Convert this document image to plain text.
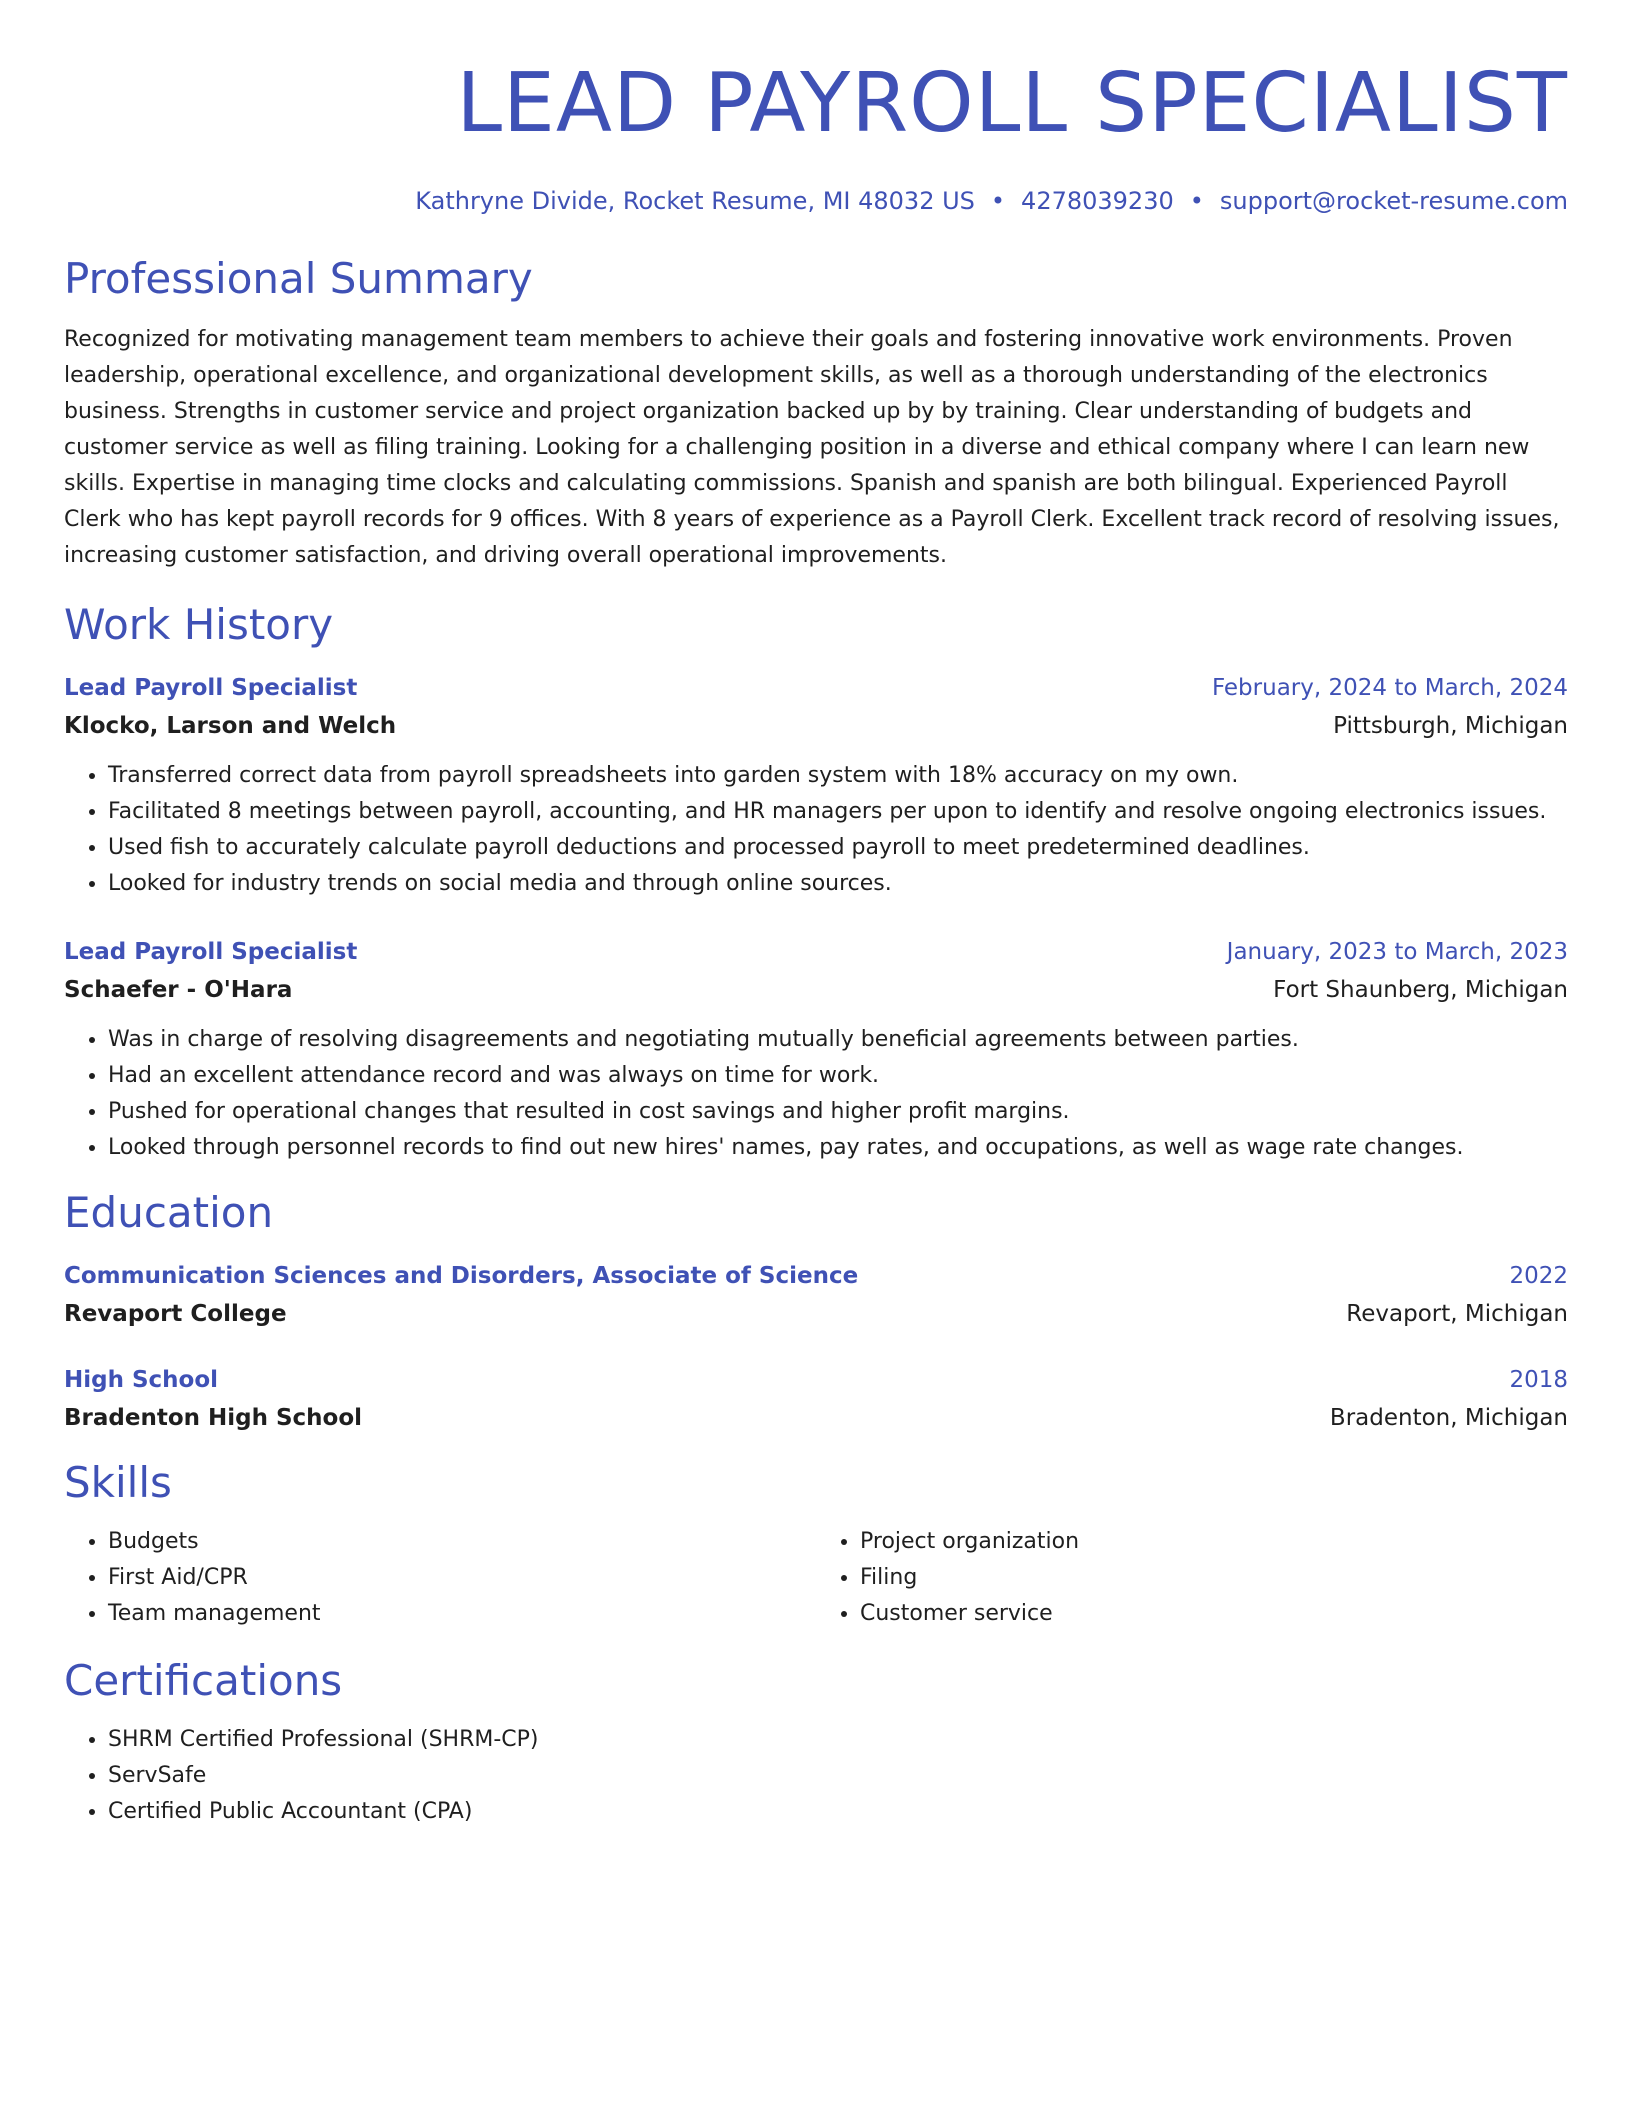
LEAD PAYROLL SPECIALIST
Kathryne Divide, Rocket Resume, MI 48032 US • 4278039230 • support@rocket-resume.com
Professional Summary

Recognized for motivating management team members to achieve their goals and fostering innovative work environments. Proven leadership, operational excellence, and organizational development skills, as well as a thorough understanding of the electronics business. Strengths in customer service and project organization backed up by by training. Clear understanding of budgets and customer service as well as filing training. Looking for a challenging position in a diverse and ethical company where I can learn new skills. Expertise in managing time clocks and calculating commissions. Spanish and spanish are both bilingual. Experienced Payroll Clerk who has kept payroll records for 9 offices. With 8 years of experience as a Payroll Clerk. Excellent track record of resolving issues, increasing customer satisfaction, and driving overall operational improvements.

Work History
Lead Payroll Specialist	February, 2024 to March, 2024
Klocko, Larson and Welch	Pittsburgh, Michigan
• Transferred correct data from payroll spreadsheets into garden system with 18% accuracy on my own.
• Facilitated 8 meetings between payroll, accounting, and HR managers per upon to identify and resolve ongoing electronics issues.
• Used fish to accurately calculate payroll deductions and processed payroll to meet predetermined deadlines.
• Looked for industry trends on social media and through online sources.
Lead Payroll Specialist	January, 2023 to March, 2023
Schaefer - O'Hara	Fort Shaunberg, Michigan
• Was in charge of resolving disagreements and negotiating mutually beneficial agreements between parties.
• Had an excellent attendance record and was always on time for work.
• Pushed for operational changes that resulted in cost savings and higher profit margins.
• Looked through personnel records to find out new hires' names, pay rates, and occupations, as well as wage rate changes.
Education
Communication Sciences and Disorders, Associate of Science	2022
Revaport College	Revaport, Michigan
High School	2018
Bradenton High School	Bradenton, Michigan
Skills
• Budgets
• First Aid/CPR
• Team management
• Project organization
• Filing
• Customer service
Certifications
• SHRM Certified Professional (SHRM-CP)
• ServSafe
• Certified Public Accountant (CPA)
